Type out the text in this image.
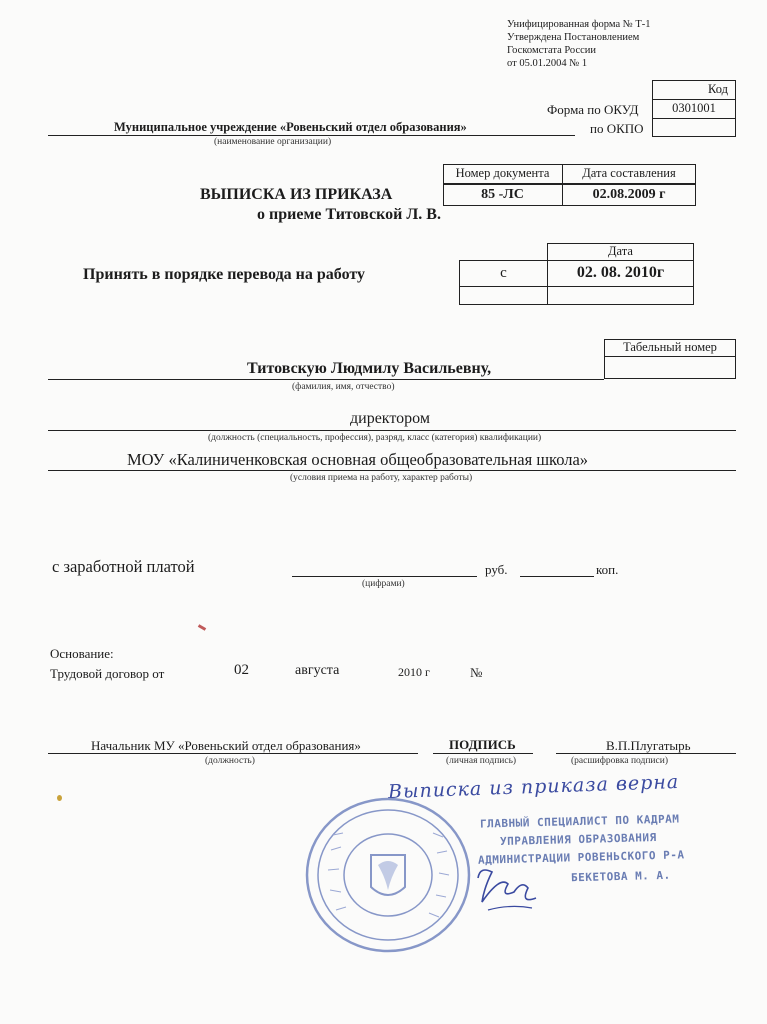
Унифицированная форма № Т-1
Утверждена Постановлением
Госкомстата России
от 05.01.2004 № 1
Код
0301001
Форма по ОКУД
по ОКПО
Муниципальное учреждение «Ровеньский отдел образования»
(наименование организации)
Номер документа	Дата составления
85 -ЛС	02.08.2009 г
ВЫПИСКА ИЗ ПРИКАЗА
о приеме Титовской Л. В.
Принять в порядке перевода на работу
Дата
с	02. 08. 2010г
Табельный номер
Титовскую Людмилу Васильевну,
(фамилия, имя, отчество)
директором
(должность (специальность, профессия), разряд, класс (категория) квалификации)
МОУ «Калиниченковская основная общеобразовательная школа»
(условия приема на работу, характер работы)
с заработной платой	руб.	коп.
(цифрами)
Основание:
Трудовой договор от	02	августа	2010 г	№
Начальник МУ «Ровеньский отдел образования»
(должность)
ПОДПИСЬ
(личная подпись)
В.П.Плугатырь
(расшифровка подписи)
Выписка из приказа верна
ГЛАВНЫЙ СПЕЦИАЛИСТ ПО КАДРАМ
УПРАВЛЕНИЯ ОБРАЗОВАНИЯ
АДМИНИСТРАЦИИ РОВЕНЬСКОГО Р-А
БЕКЕТОВА М. А.
